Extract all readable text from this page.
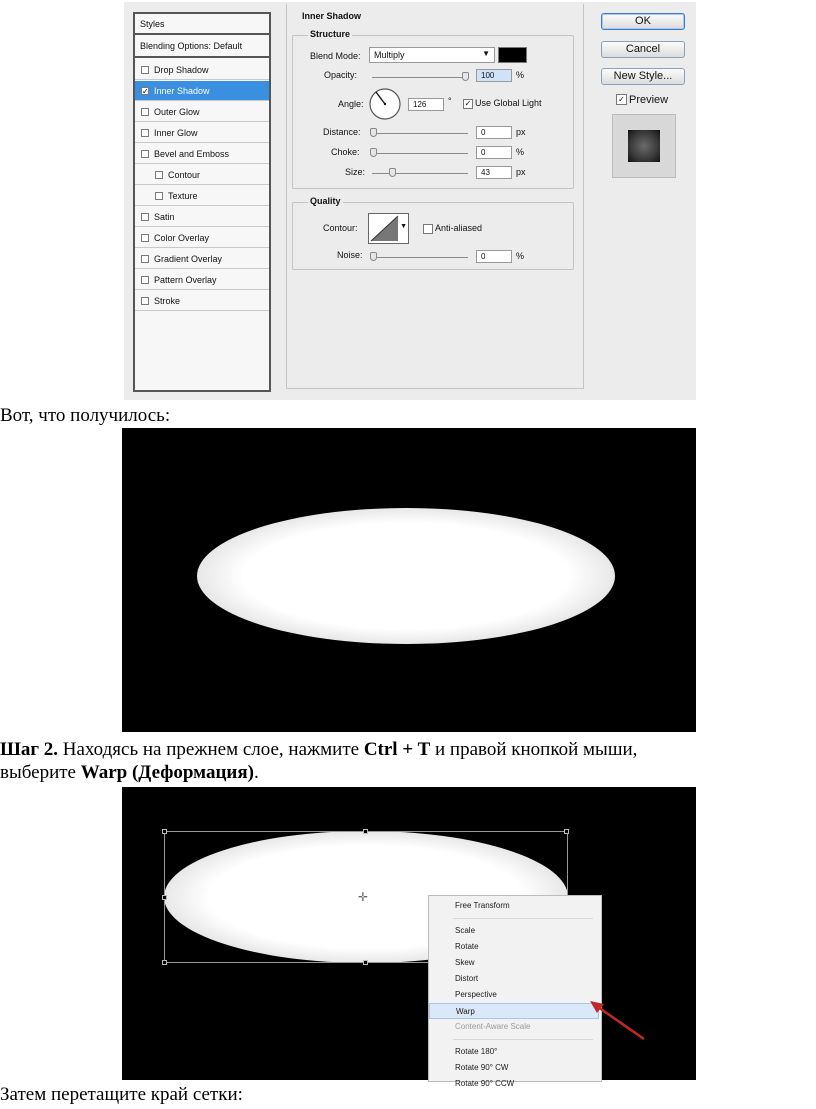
Styles
Blending Options: Default
Drop Shadow
✓ Inner Shadow
Outer Glow
Inner Glow
Bevel and Emboss
Contour
Texture
Satin
Color Overlay
Gradient Overlay
Pattern Overlay
Stroke
Inner Shadow
Structure
Blend Mode: Multiply	▼
Opacity:	100	%
Angle:	126	° ✓ Use Global Light
Distance:	0	px
Choke:	0	%
Size:	43	px
Quality
Contour:	▼	Anti-aliased
Noise:	0	%
OK
Cancel
New Style...
✓ Preview
Вот, что получилось:
Шаг 2. Находясь на прежнем слое, нажмите Ctrl + T и правой кнопкой мыши,
выберите Warp (Деформация).
✛
Free Transform
Scale
Rotate
Skew
Distort
Perspective
Warp
Content-Aware Scale
Rotate 180°
Rotate 90° CW
Rotate 90° CCW
Затем перетащите край сетки:
